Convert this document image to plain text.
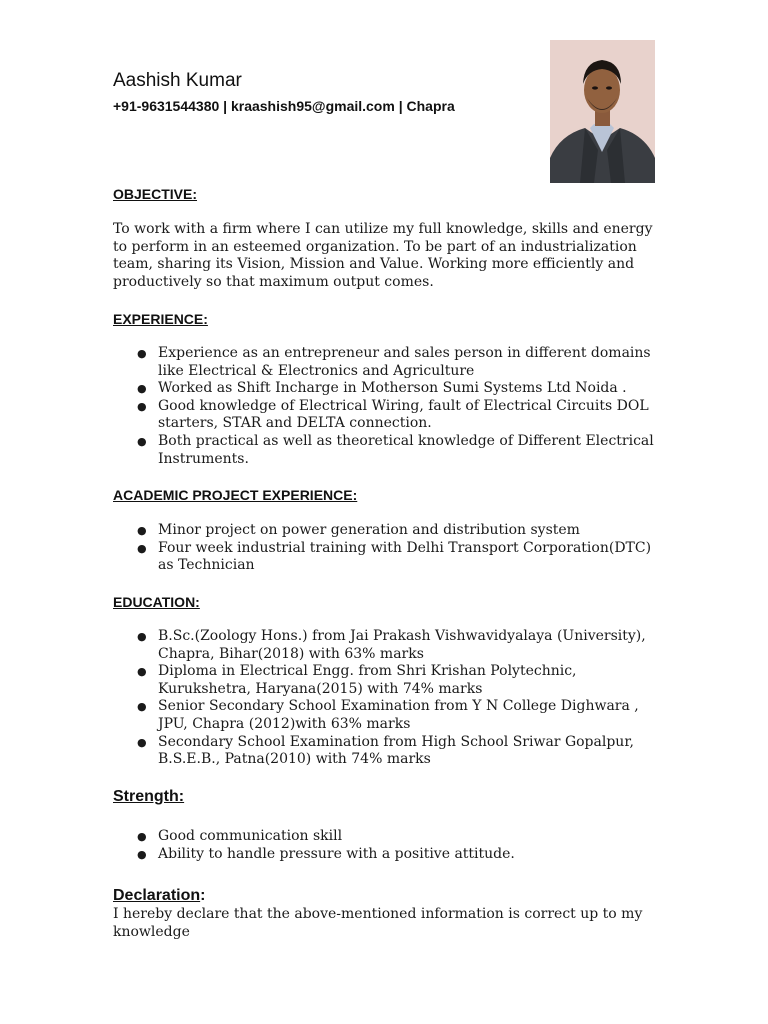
Aashish Kumar
+91-9631544380 | kraashish95@gmail.com | Chapra
OBJECTIVE:
To work with a firm where I can utilize my full knowledge, skills and energy to perform in an esteemed organization. To be part of an industrialization team, sharing its Vision, Mission and Value. Working more efficiently and productively so that maximum output comes.
EXPERIENCE:
● Experience as an entrepreneur and sales person in different domains like Electrical & Electronics and Agriculture
● Worked as Shift Incharge in Motherson Sumi Systems Ltd Noida .
● Good knowledge of Electrical Wiring, fault of Electrical Circuits DOL starters, STAR and DELTA connection.
● Both practical as well as theoretical knowledge of Different Electrical Instruments.
ACADEMIC PROJECT EXPERIENCE:
● Minor project on power generation and distribution system
● Four week industrial training with Delhi Transport Corporation(DTC) as Technician
EDUCATION:
● B.Sc.(Zoology Hons.) from Jai Prakash Vishwavidyalaya (University), Chapra, Bihar(2018) with 63% marks
● Diploma in Electrical Engg. from Shri Krishan Polytechnic, Kurukshetra, Haryana(2015) with 74% marks
● Senior Secondary School Examination from Y N College Dighwara , JPU, Chapra (2012)with 63% marks
● Secondary School Examination from High School Sriwar Gopalpur, B.S.E.B., Patna(2010) with 74% marks
Strength:
● Good communication skill
● Ability to handle pressure with a positive attitude.
Declaration:
I hereby declare that the above-mentioned information is correct up to my knowledge
